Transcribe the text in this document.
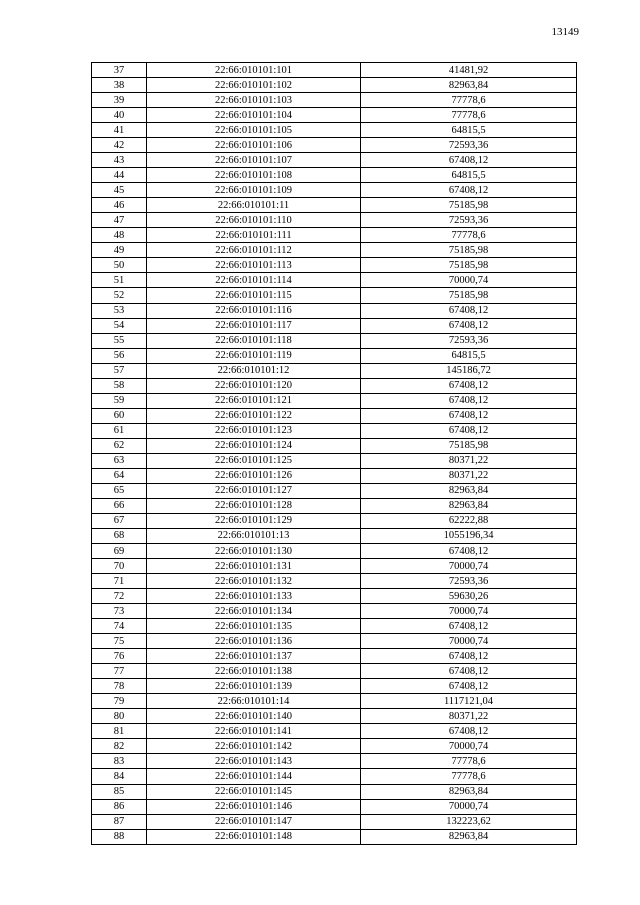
13149
37	22:66:010101:101	41481,92
38	22:66:010101:102	82963,84
39	22:66:010101:103	77778,6
40	22:66:010101:104	77778,6
41	22:66:010101:105	64815,5
42	22:66:010101:106	72593,36
43	22:66:010101:107	67408,12
44	22:66:010101:108	64815,5
45	22:66:010101:109	67408,12
46	22:66:010101:11	75185,98
47	22:66:010101:110	72593,36
48	22:66:010101:111	77778,6
49	22:66:010101:112	75185,98
50	22:66:010101:113	75185,98
51	22:66:010101:114	70000,74
52	22:66:010101:115	75185,98
53	22:66:010101:116	67408,12
54	22:66:010101:117	67408,12
55	22:66:010101:118	72593,36
56	22:66:010101:119	64815,5
57	22:66:010101:12	145186,72
58	22:66:010101:120	67408,12
59	22:66:010101:121	67408,12
60	22:66:010101:122	67408,12
61	22:66:010101:123	67408,12
62	22:66:010101:124	75185,98
63	22:66:010101:125	80371,22
64	22:66:010101:126	80371,22
65	22:66:010101:127	82963,84
66	22:66:010101:128	82963,84
67	22:66:010101:129	62222,88
68	22:66:010101:13	1055196,34
69	22:66:010101:130	67408,12
70	22:66:010101:131	70000,74
71	22:66:010101:132	72593,36
72	22:66:010101:133	59630,26
73	22:66:010101:134	70000,74
74	22:66:010101:135	67408,12
75	22:66:010101:136	70000,74
76	22:66:010101:137	67408,12
77	22:66:010101:138	67408,12
78	22:66:010101:139	67408,12
79	22:66:010101:14	1117121,04
80	22:66:010101:140	80371,22
81	22:66:010101:141	67408,12
82	22:66:010101:142	70000,74
83	22:66:010101:143	77778,6
84	22:66:010101:144	77778,6
85	22:66:010101:145	82963,84
86	22:66:010101:146	70000,74
87	22:66:010101:147	132223,62
88	22:66:010101:148	82963,84
